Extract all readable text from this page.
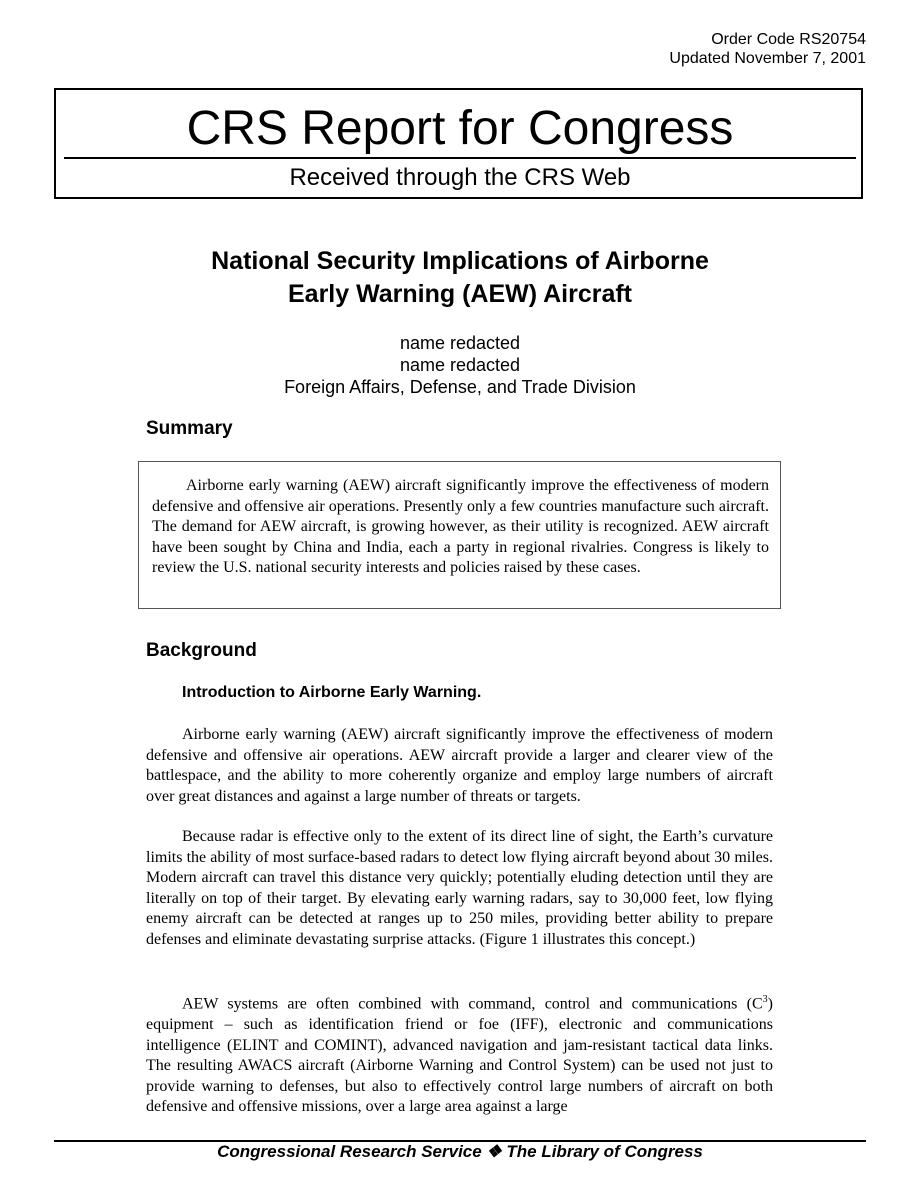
Order Code RS20754
Updated November 7, 2001
CRS Report for Congress
Received through the CRS Web
National Security Implications of Airborne
Early Warning (AEW) Aircraft
name redacted
name redacted
Foreign Affairs, Defense, and Trade Division
Summary

Airborne early warning (AEW) aircraft significantly improve the effectiveness of modern defensive and offensive air operations. Presently only a few countries manufacture such aircraft. The demand for AEW aircraft, is growing however, as their utility is recognized. AEW aircraft have been sought by China and India, each a party in regional rivalries. Congress is likely to review the U.S. national security interests and policies raised by these cases.

Background
Introduction to Airborne Early Warning.

Airborne early warning (AEW) aircraft significantly improve the effectiveness of modern defensive and offensive air operations. AEW aircraft provide a larger and clearer view of the battlespace, and the ability to more coherently organize and employ large numbers of aircraft over great distances and against a large number of threats or targets.

Because radar is effective only to the extent of its direct line of sight, the Earth’s curvature limits the ability of most surface-based radars to detect low flying aircraft beyond about 30 miles. Modern aircraft can travel this distance very quickly; potentially eluding detection until they are literally on top of their target. By elevating early warning radars, say to 30,000 feet, low flying enemy aircraft can be detected at ranges up to 250 miles, providing better ability to prepare defenses and eliminate devastating surprise attacks. (Figure 1 illustrates this concept.)

AEW systems are often combined with command, control and communications $(C^3)$ equipment – such as identification friend or foe (IFF), electronic and communications intelligence (ELINT and COMINT), advanced navigation and jam-resistant tactical data links. The resulting AWACS aircraft (Airborne Warning and Control System) can be used not just to provide warning to defenses, but also to effectively control large numbers of aircraft on both defensive and offensive missions, over a large area against a large

Congressional Research Service ❖ The Library of Congress
